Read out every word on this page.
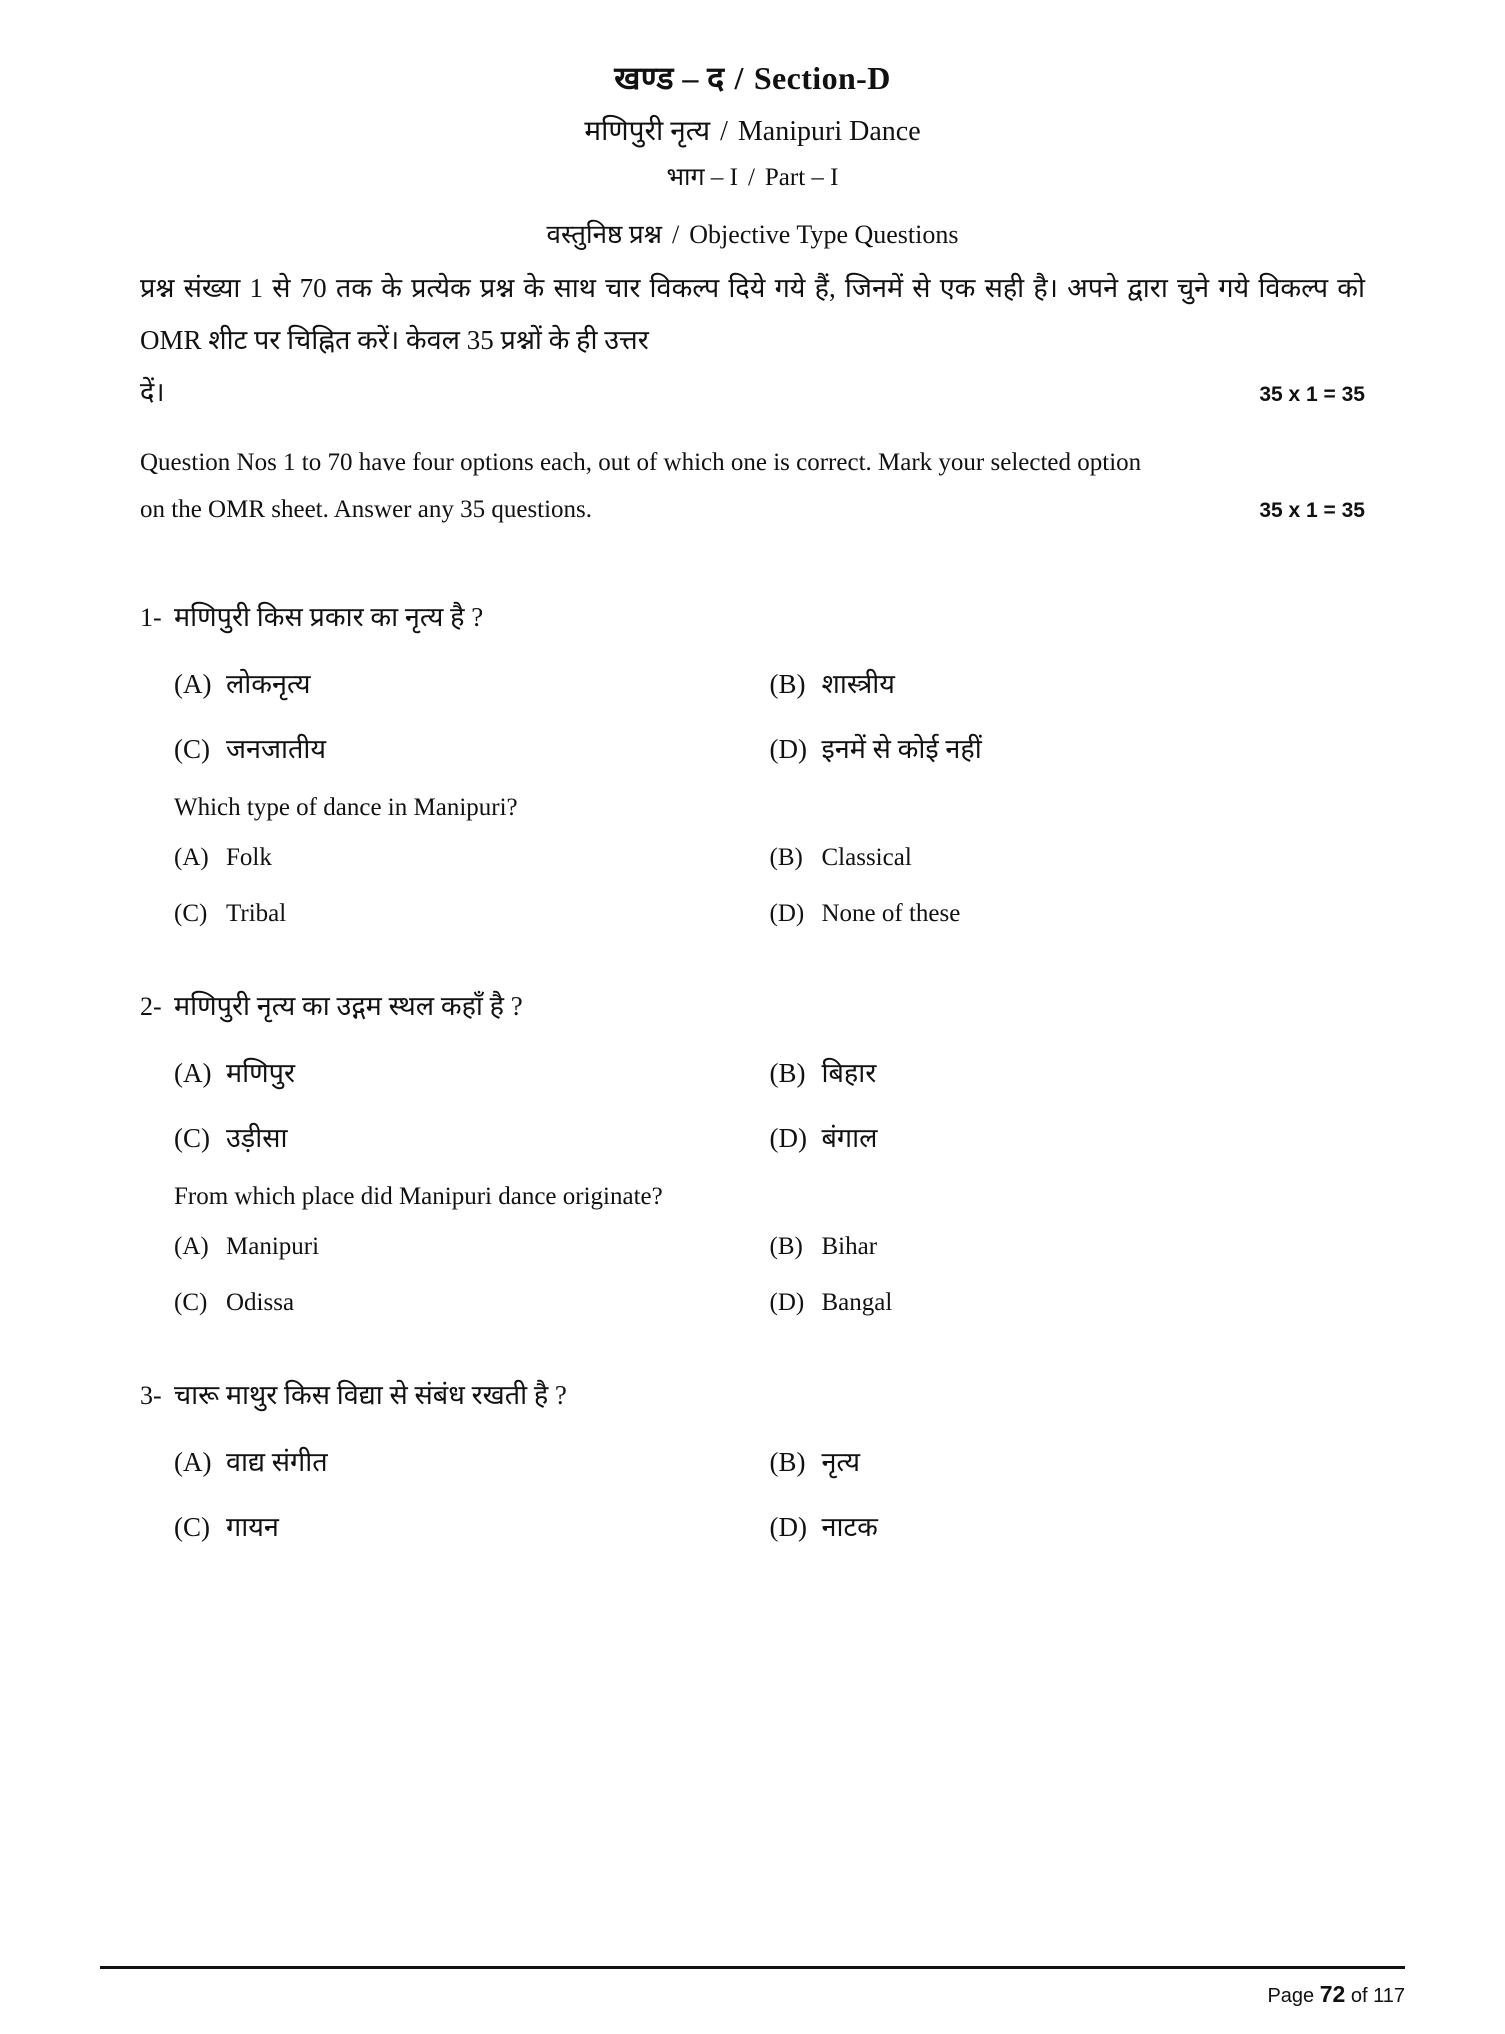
खण्ड – द / Section-D
मणिपुरी नृत्य / Manipuri Dance
भाग – I / Part – I
वस्तुनिष्ठ प्रश्न / Objective Type Questions
प्रश्न संख्या 1 से 70 तक के प्रत्येक प्रश्न के साथ चार विकल्प दिये गये हैं, जिनमें से एक सही है। अपने द्वारा चुने गये विकल्प को OMR शीट पर चिह्नित करें। केवल 35 प्रश्नों के ही उत्तर
दें।	35 x 1 = 35
Question Nos 1 to 70 have four options each, out of which one is correct. Mark your selected option
on the OMR sheet. Answer any 35 questions.	35 x 1 = 35
1- मणिपुरी किस प्रकार का नृत्य है ?
(A) लोकनृत्य	(B) शास्त्रीय
(C) जनजातीय	(D) इनमें से कोई नहीं
Which type of dance in Manipuri?
(A) Folk	(B) Classical
(C) Tribal	(D) None of these
2- मणिपुरी नृत्य का उद्गम स्थल कहाँ है ?
(A) मणिपुर	(B) बिहार
(C) उड़ीसा	(D) बंगाल
From which place did Manipuri dance originate?
(A) Manipuri	(B) Bihar
(C) Odissa	(D) Bangal
3- चारू माथुर किस विद्या से संबंध रखती है ?
(A) वाद्य संगीत	(B) नृत्य
(C) गायन	(D) नाटक
Page 72 of 117
